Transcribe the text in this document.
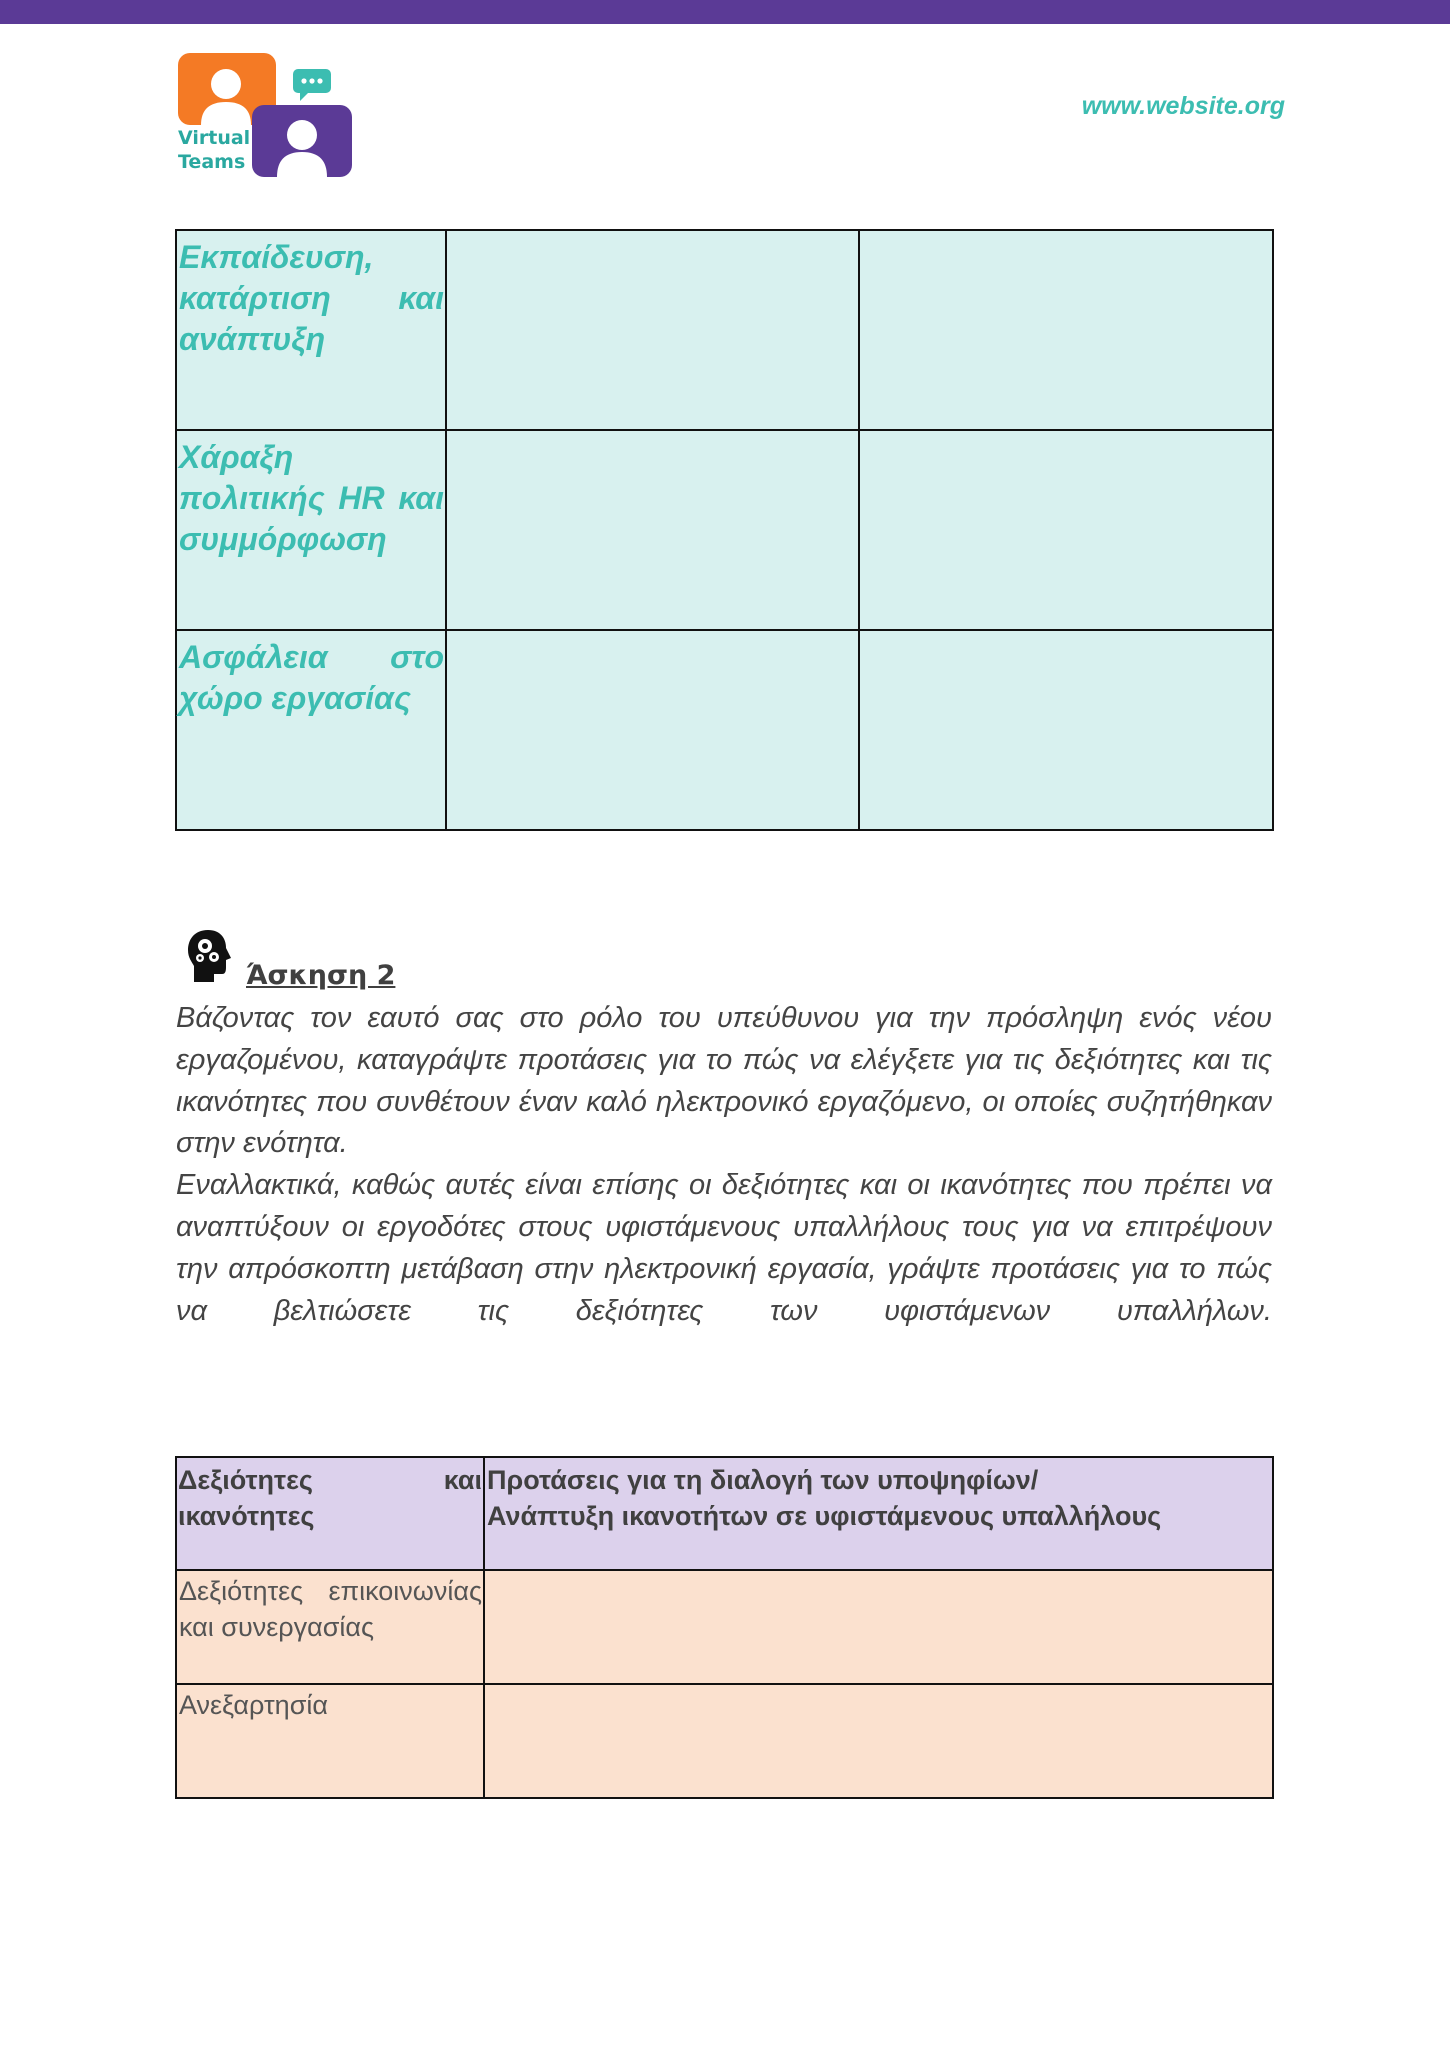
Virtual
Teams
www.website.org
Εκπαίδευση, κατάρτιση και ανάπτυξη		
Χάραξη πολιτικής HR και συμμόρφωση		
Ασφάλεια στο χώρο εργασίας		
Άσκηση 2

Βάζοντας τον εαυτό σας στο ρόλο του υπεύθυνου για την πρόσληψη ενός νέου εργαζομένου, καταγράψτε προτάσεις για το πώς να ελέγξετε για τις δεξιότητες και τις ικανότητες που συνθέτουν έναν καλό ηλεκτρονικό εργαζόμενο, οι οποίες συζητήθηκαν στην ενότητα.

Εναλλακτικά, καθώς αυτές είναι επίσης οι δεξιότητες και οι ικανότητες που πρέπει να αναπτύξουν οι εργοδότες στους υφιστάμενους υπαλλήλους τους για να επιτρέψουν την απρόσκοπτη μετάβαση στην ηλεκτρονική εργασία, γράψτε προτάσεις για το πώς να βελτιώσετε τις δεξιότητες των υφιστάμενων υπαλλήλων.

Δεξιότητες και ικανότητες	Προτάσεις για τη διαλογή των υποψηφίων/
Ανάπτυξη ικανοτήτων σε υφιστάμενους υπαλλήλους

Δεξιότητες επικοινωνίας και συνεργασίας	
Ανεξαρτησία	
